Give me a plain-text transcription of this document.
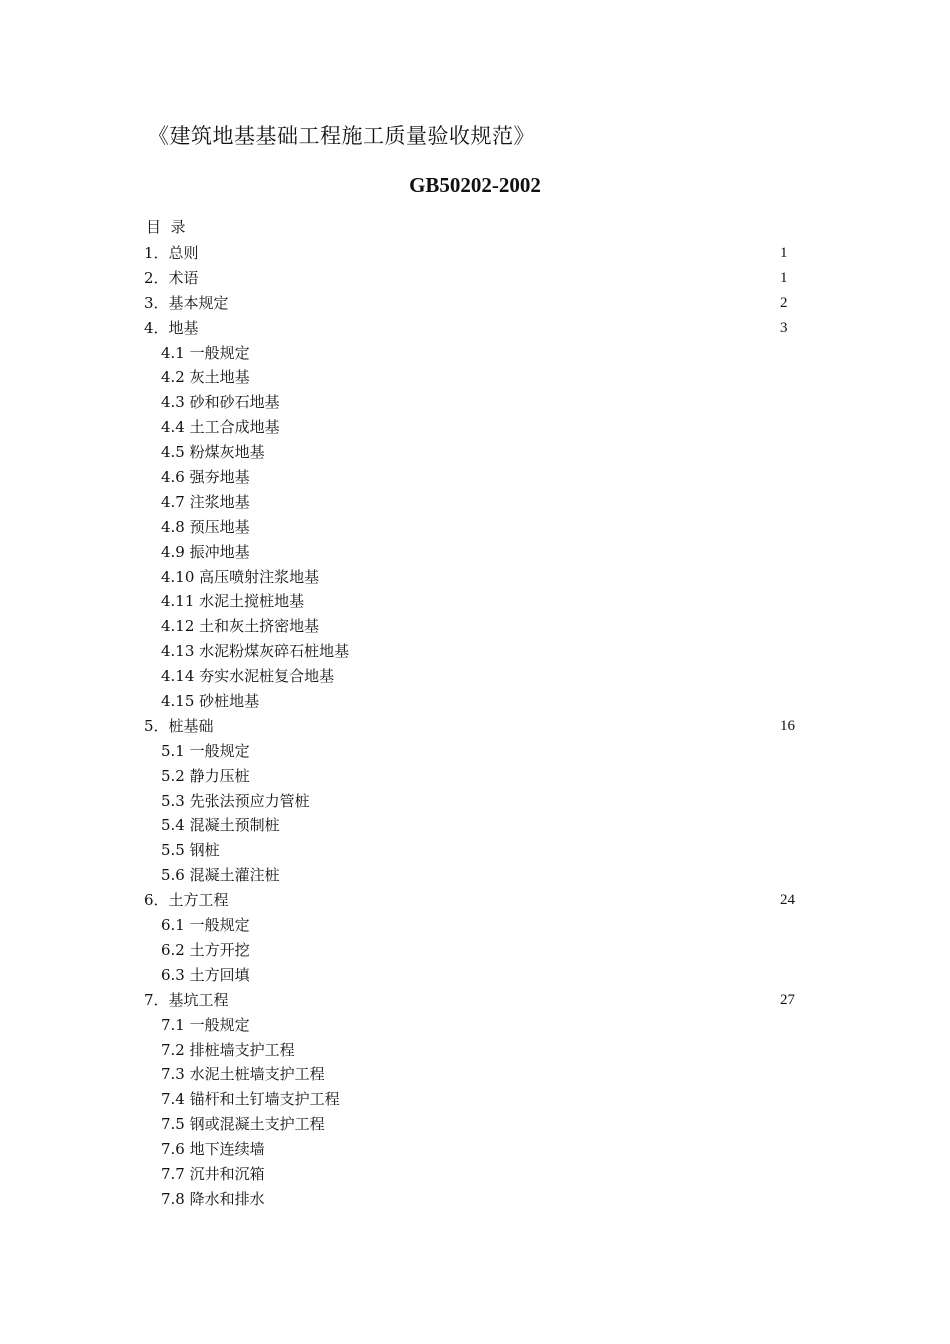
《建筑地基基础工程施工质量验收规范》
GB50202-2002
目  录
1．总则	1
2．术语	1
3．基本规定	2
4．地基	3
4.1 一般规定
4.2 灰土地基
4.3 砂和砂石地基
4.4 土工合成地基
4.5 粉煤灰地基
4.6 强夯地基
4.7 注浆地基
4.8 预压地基
4.9 振冲地基
4.10 高压喷射注浆地基
4.11 水泥土搅桩地基
4.12 土和灰土挤密地基
4.13 水泥粉煤灰碎石桩地基
4.14 夯实水泥桩复合地基
4.15 砂桩地基
5．桩基础	16
5.1 一般规定
5.2 静力压桩
5.3 先张法预应力管桩
5.4 混凝土预制桩
5.5 钢桩
5.6 混凝土灌注桩
6．土方工程	24
6.1 一般规定
6.2 土方开挖
6.3 土方回填
7．基坑工程	27
7.1 一般规定
7.2 排桩墙支护工程
7.3 水泥土桩墙支护工程
7.4 锚杆和土钉墙支护工程
7.5 钢或混凝土支护工程
7.6 地下连续墙
7.7 沉井和沉箱
7.8 降水和排水
